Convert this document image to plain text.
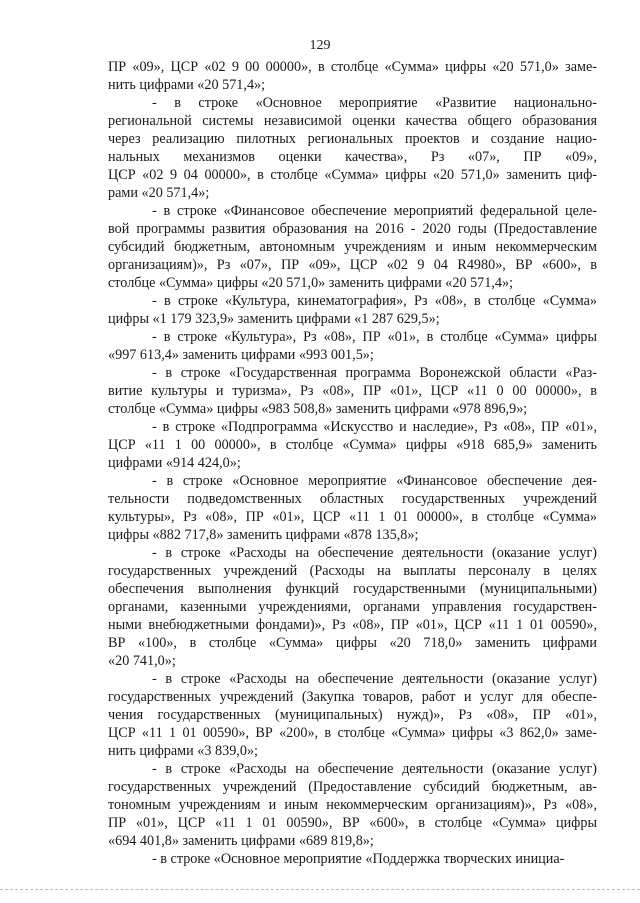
129
ПР «09», ЦСР «02 9 00 00000», в столбце «Сумма» цифры «20 571,0» заме-
нить цифрами «20 571,4»;
- в строке «Основное мероприятие «Развитие национально-
региональной системы независимой оценки качества общего образования
через реализацию пилотных региональных проектов и создание нацио-
нальных механизмов оценки качества», Рз «07», ПР «09»,
ЦСР «02 9 04 00000», в столбце «Сумма» цифры «20 571,0» заменить циф-
рами «20 571,4»;
- в строке «Финансовое обеспечение мероприятий федеральной целе-
вой программы развития образования на 2016 - 2020 годы (Предоставление
субсидий бюджетным, автономным учреждениям и иным некоммерческим
организациям)», Рз «07», ПР «09», ЦСР «02 9 04 R4980», ВР «600», в
столбце «Сумма» цифры «20 571,0» заменить цифрами «20 571,4»;
- в строке «Культура, кинематография», Рз «08», в столбце «Сумма»
цифры «1 179 323,9» заменить цифрами «1 287 629,5»;
- в строке «Культура», Рз «08», ПР «01», в столбце «Сумма» цифры
«997 613,4» заменить цифрами «993 001,5»;
- в строке «Государственная программа Воронежской области «Раз-
витие культуры и туризма», Рз «08», ПР «01», ЦСР «11 0 00 00000», в
столбце «Сумма» цифры «983 508,8» заменить цифрами «978 896,9»;
- в строке «Подпрограмма «Искусство и наследие», Рз «08», ПР «01»,
ЦСР «11 1 00 00000», в столбце «Сумма» цифры «918 685,9» заменить
цифрами «914 424,0»;
- в строке «Основное мероприятие «Финансовое обеспечение дея-
тельности подведомственных областных государственных учреждений
культуры», Рз «08», ПР «01», ЦСР «11 1 01 00000», в столбце «Сумма»
цифры «882 717,8» заменить цифрами «878 135,8»;
- в строке «Расходы на обеспечение деятельности (оказание услуг)
государственных учреждений (Расходы на выплаты персоналу в целях
обеспечения выполнения функций государственными (муниципальными)
органами, казенными учреждениями, органами управления государствен-
ными внебюджетными фондами)», Рз «08», ПР «01», ЦСР «11 1 01 00590»,
ВР «100», в столбце «Сумма» цифры «20 718,0» заменить цифрами
«20 741,0»;
- в строке «Расходы на обеспечение деятельности (оказание услуг)
государственных учреждений (Закупка товаров, работ и услуг для обеспе-
чения государственных (муниципальных) нужд)», Рз «08», ПР «01»,
ЦСР «11 1 01 00590», ВР «200», в столбце «Сумма» цифры «3 862,0» заме-
нить цифрами «3 839,0»;
- в строке «Расходы на обеспечение деятельности (оказание услуг)
государственных учреждений (Предоставление субсидий бюджетным, ав-
тономным учреждениям и иным некоммерческим организациям)», Рз «08»,
ПР «01», ЦСР «11 1 01 00590», ВР «600», в столбце «Сумма» цифры
«694 401,8» заменить цифрами «689 819,8»;
- в строке «Основное мероприятие «Поддержка творческих инициа-
